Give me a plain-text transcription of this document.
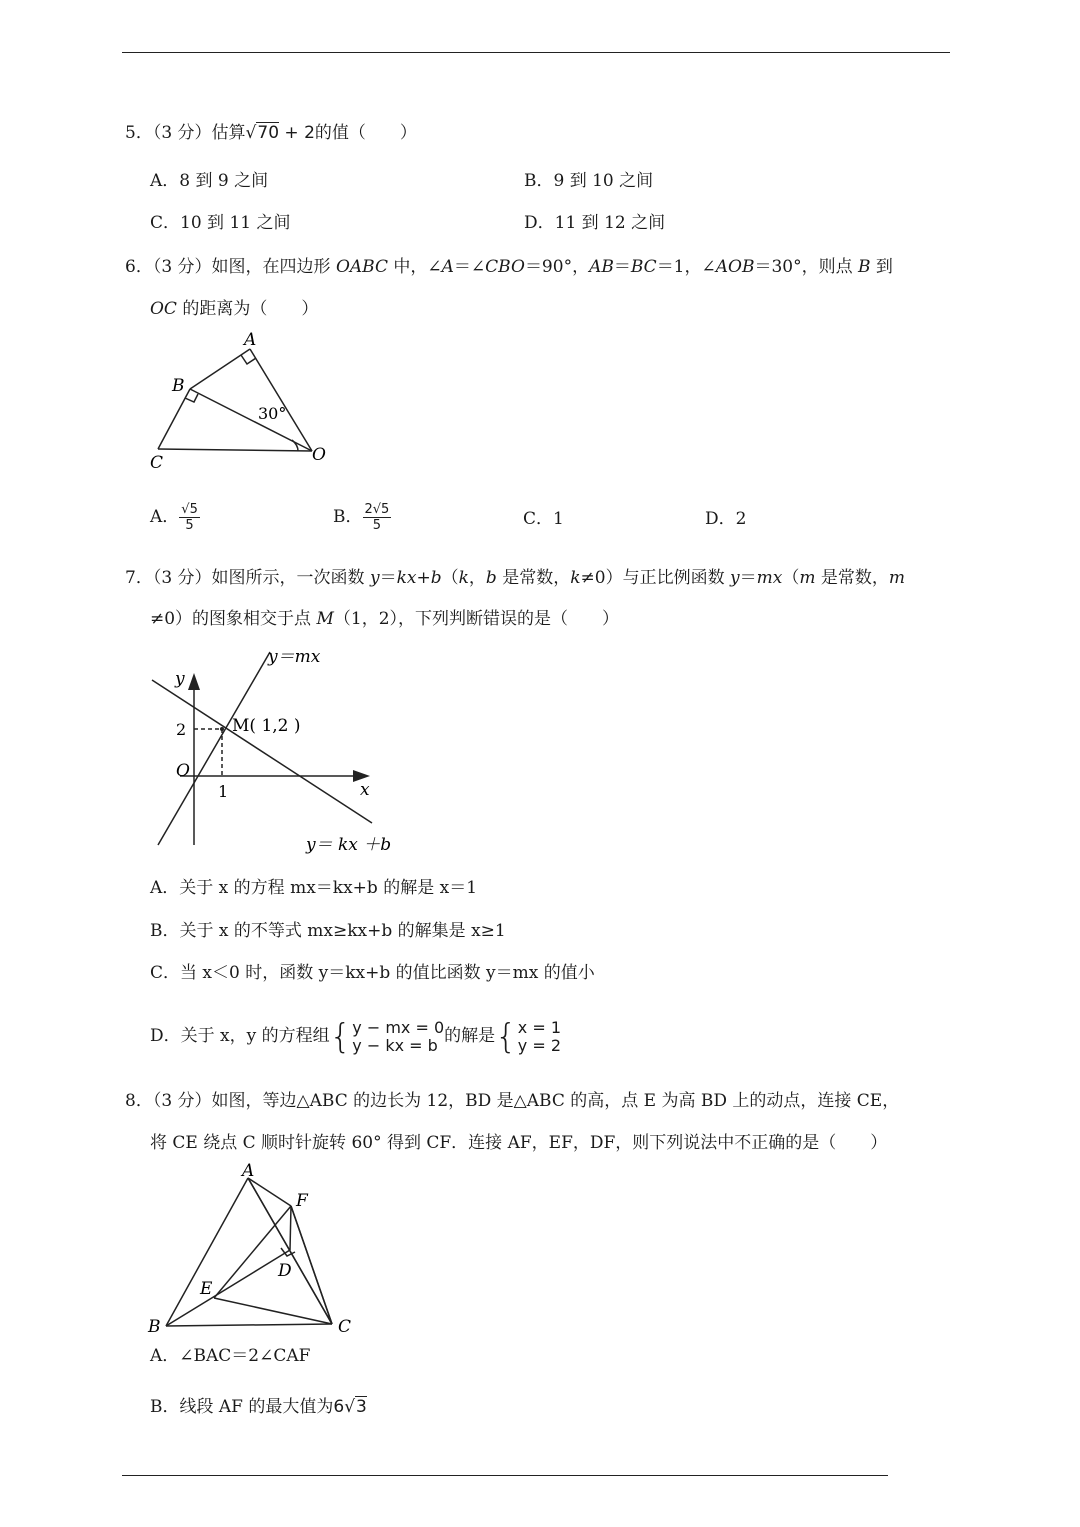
5．（3 分）估算√70 + 2的值（　　）
A．8 到 9 之间	B．9 到 10 之间
C．10 到 11 之间	D．11 到 12 之间
6．（3 分）如图，在四边形 OABC 中，∠A＝∠CBO＝90°，AB＝BC＝1，∠AOB＝30°，则点 B 到
OC 的距离为（　　）
A
B
C	O
30°
A． $\frac{√5}{5}$	B． $\frac{2√5}{5}$	C．1	D．2
7．（3 分）如图所示，一次函数 y＝kx+b（k，b 是常数，k≠0）与正比例函数 y＝mx（m 是常数，m
≠0）的图象相交于点 M（1，2），下列判断错误的是（　　）
y＝mx
y
x
O
2
1
M( 1,2 )
y＝ kx ＋b
A．关于 x 的方程 mx＝kx+b 的解是 x＝1
B．关于 x 的不等式 mx≥kx+b 的解集是 x≥1
C．当 x＜0 时，函数 y＝kx+b 的值比函数 y＝mx 的值小
D．关于 x，y 的方程组 { y − mx = 0
y − kx = b 的解是 { x = 1
y = 2
8．（3 分）如图，等边△ABC 的边长为 12，BD 是△ABC 的高，点 E 为高 BD 上的动点，连接 CE，
将 CE 绕点 C 顺时针旋转 60° 得到 CF．连接 AF，EF，DF，则下列说法中不正确的是（　　）
A
F
D
E
B	C
A．∠BAC＝2∠CAF
B．线段 AF 的最大值为6√3
